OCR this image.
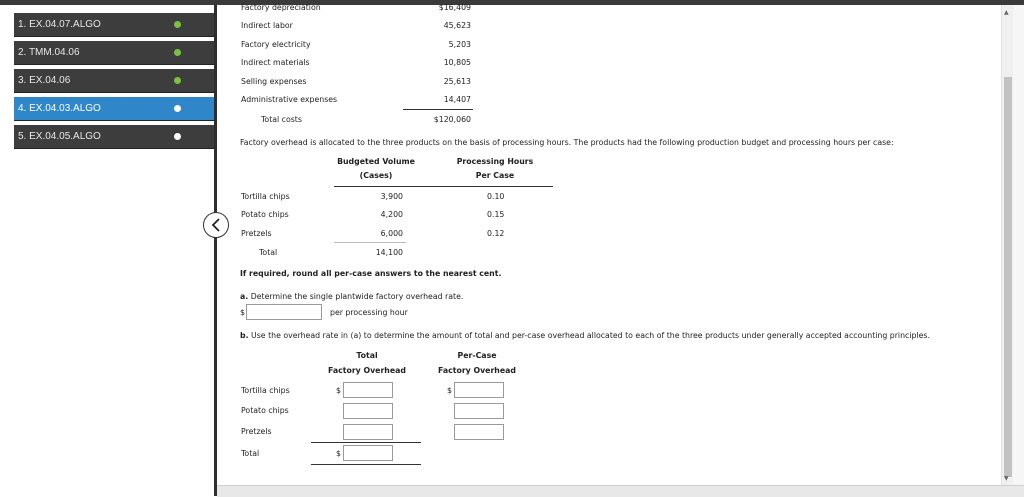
1. EX.04.07.ALGO
2. TMM.04.06
3. EX.04.06
4. EX.04.03.ALGO
5. EX.04.05.ALGO
Factory depreciation	$16,409
Indirect labor	45,623
Factory electricity	5,203
Indirect materials	10,805
Selling expenses	25,613
Administrative expenses	14,407
Total costs	$120,060
Factory overhead is allocated to the three products on the basis of processing hours. The products had the following production budget and processing hours per case:
Budgeted Volume
(Cases)
Processing Hours
Per Case
Tortilla chips	3,900	0.10
Potato chips	4,200	0.15
Pretzels	6,000	0.12
Total	14,100
If required, round all per-case answers to the nearest cent.
a. Determine the single plantwide factory overhead rate.
$	per processing hour
b. Use the overhead rate in (a) to determine the amount of total and per-case overhead allocated to each of the three products under generally accepted accounting principles.
Total
Factory Overhead
Per-Case
Factory Overhead
Tortilla chips	$	$
Potato chips
Pretzels
Total	$
▲
▼
